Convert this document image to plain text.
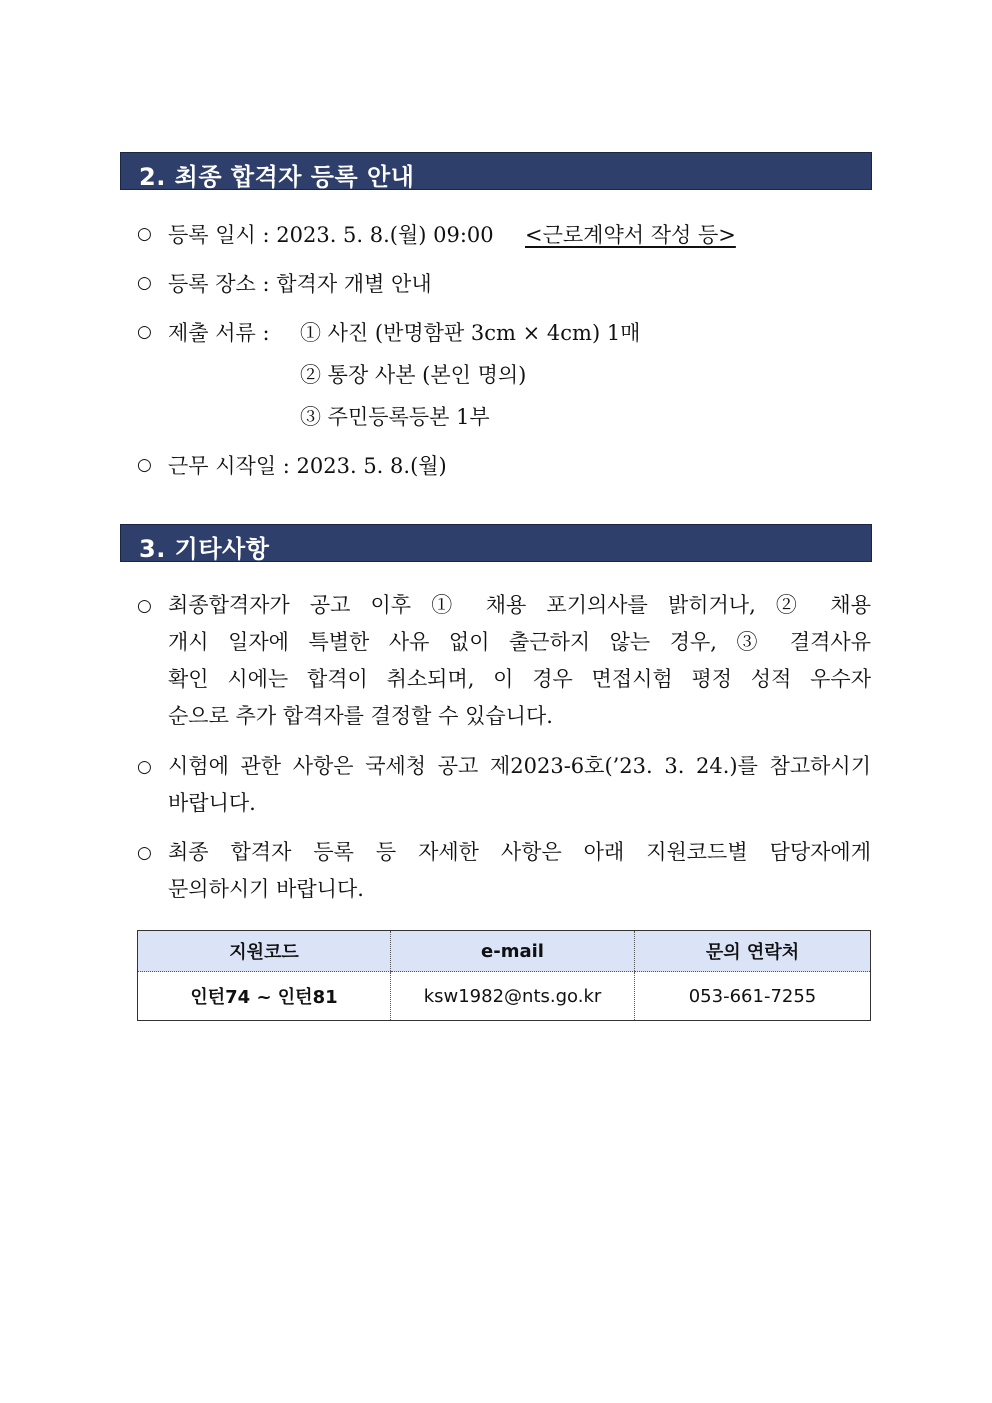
2. 최종 합격자 등록 안내
○ 등록 일시 : 2023. 5. 8.(월) 09:00 <근로계약서 작성 등>
○ 등록 장소 : 합격자 개별 안내
○ 제출 서류 : ① 사진 (반명함판 3cm × 4cm) 1매
② 통장 사본 (본인 명의)
③ 주민등록등본 1부
○ 근무 시작일 : 2023. 5. 8.(월)
3. 기타사항
○ 최종합격자가 공고 이후 ① 채용 포기의사를 밝히거나, ② 채용
개시 일자에 특별한 사유 없이 출근하지 않는 경우, ③ 결격사유
확인 시에는 합격이 취소되며, 이 경우 면접시험 평정 성적 우수자
순으로 추가 합격자를 결정할 수 있습니다.
○ 시험에 관한 사항은 국세청 공고 제2023-6호(’23. 3. 24.)를 참고하시기
바랍니다.
○ 최종 합격자 등록 등 자세한 사항은 아래 지원코드별 담당자에게
문의하시기 바랍니다.
지원코드	e-mail	문의 연락처
인턴74 ~ 인턴81	ksw1982@nts.go.kr	053-661-7255
